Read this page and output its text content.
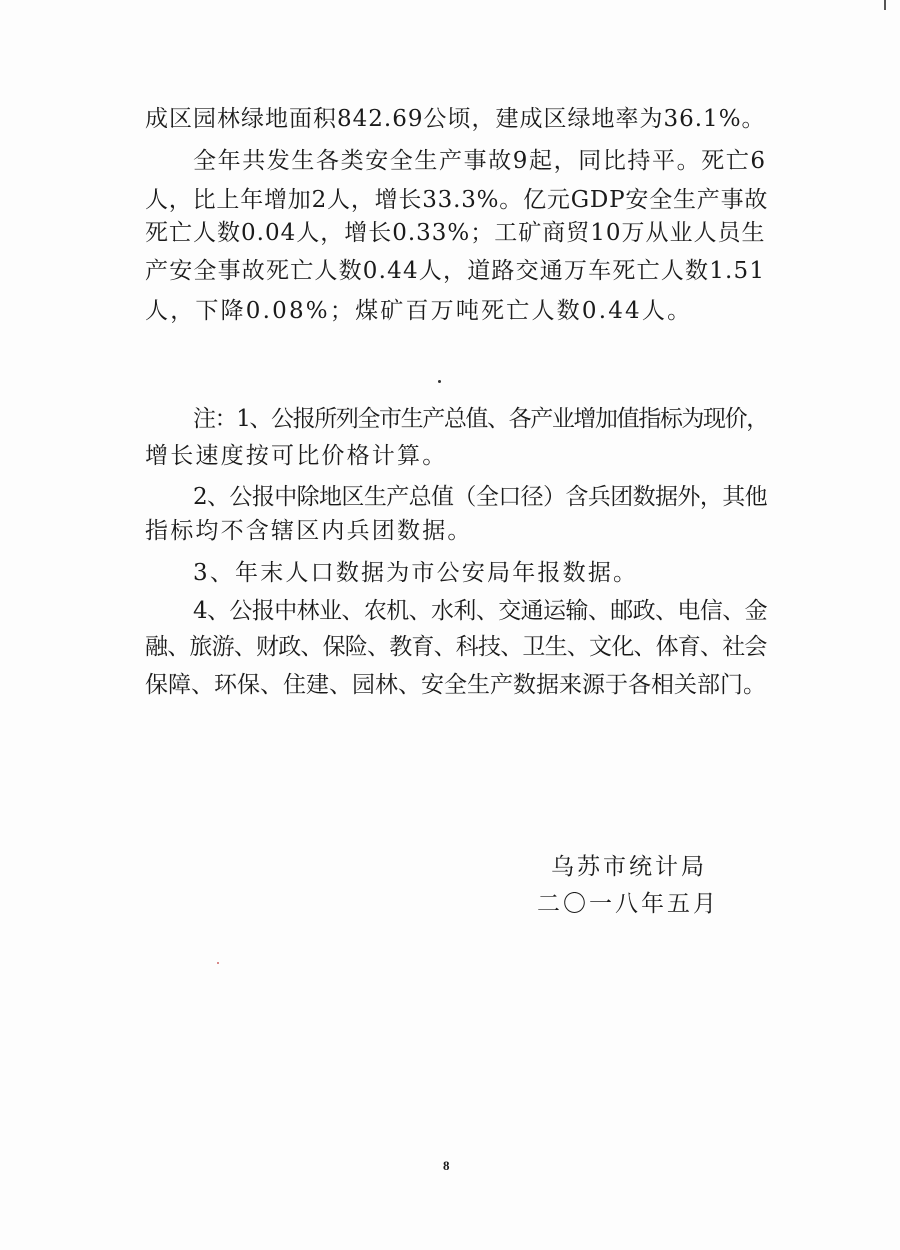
成区园林绿地面积842.69公顷，建成区绿地率为36.1%。
全年共发生各类安全生产事故9起，同比持平。死亡6
人，比上年增加2人，增长33.3%。亿元GDP安全生产事故
死亡人数0.04人，增长0.33%；工矿商贸10万从业人员生
产安全事故死亡人数0.44人，道路交通万车死亡人数1.51
人，下降0.08%；煤矿百万吨死亡人数0.44人。
注：1、公报所列全市生产总值、各产业增加值指标为现价，
增长速度按可比价格计算。
2、公报中除地区生产总值（全口径）含兵团数据外，其他
指标均不含辖区内兵团数据。
3、年末人口数据为市公安局年报数据。
4、公报中林业、农机、水利、交通运输、邮政、电信、金
融、旅游、财政、保险、教育、科技、卫生、文化、体育、社会
保障、环保、住建、园林、安全生产数据来源于各相关部门。
乌苏市统计局
二〇一八年五月
8
